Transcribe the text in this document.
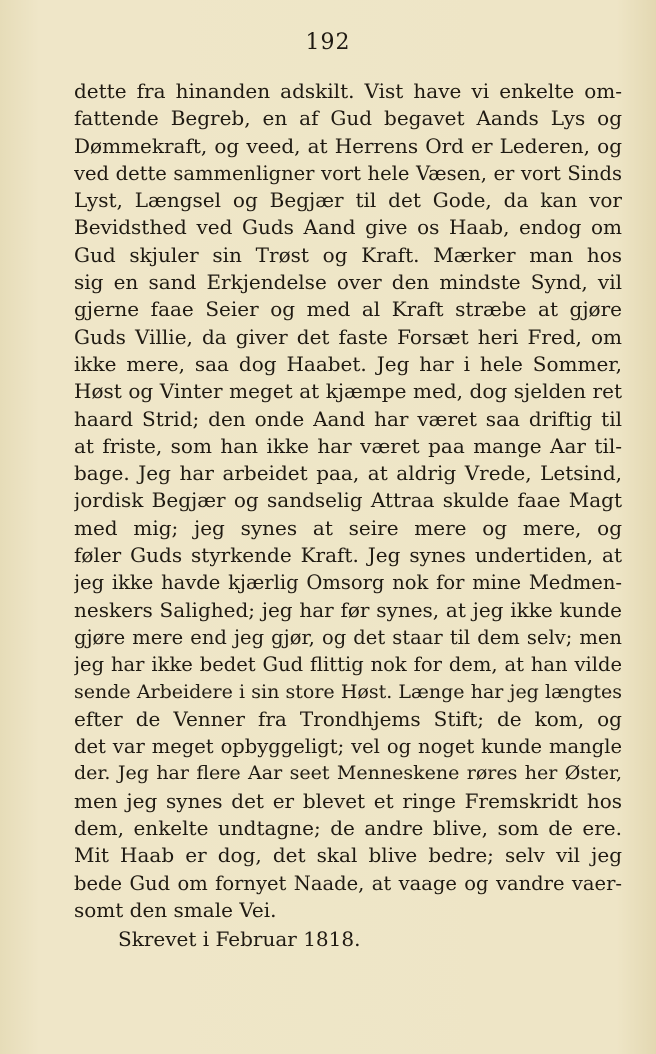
192
dette fra hinanden adskilt. Vist have vi enkelte om-
fattende Begreb, en af Gud begavet Aands Lys og
Dømmekraft, og veed, at Herrens Ord er Lederen, og
ved dette sammenligner vort hele Væsen, er vort Sinds
Lyst, Længsel og Begjær til det Gode, da kan vor
Bevidsthed ved Guds Aand give os Haab, endog om
Gud skjuler sin Trøst og Kraft. Mærker man hos
sig en sand Erkjendelse over den mindste Synd, vil
gjerne faae Seier og med al Kraft stræbe at gjøre
Guds Villie, da giver det faste Forsæt heri Fred, om
ikke mere, saa dog Haabet. Jeg har i hele Sommer,
Høst og Vinter meget at kjæmpe med, dog sjelden ret
haard Strid; den onde Aand har været saa driftig til
at friste, som han ikke har været paa mange Aar til-
bage. Jeg har arbeidet paa, at aldrig Vrede, Letsind,
jordisk Begjær og sandselig Attraa skulde faae Magt
med mig; jeg synes at seire mere og mere, og
føler Guds styrkende Kraft. Jeg synes undertiden, at
jeg ikke havde kjærlig Omsorg nok for mine Medmen-
neskers Salighed; jeg har før synes, at jeg ikke kunde
gjøre mere end jeg gjør, og det staar til dem selv; men
jeg har ikke bedet Gud flittig nok for dem, at han vilde
sende Arbeidere i sin store Høst. Længe har jeg længtes
efter de Venner fra Trondhjems Stift; de kom, og
det var meget opbyggeligt; vel og noget kunde mangle
der. Jeg har flere Aar seet Menneskene røres her Øster,
men jeg synes det er blevet et ringe Fremskridt hos
dem, enkelte undtagne; de andre blive, som de ere.
Mit Haab er dog, det skal blive bedre; selv vil jeg
bede Gud om fornyet Naade, at vaage og vandre vaer-
somt den smale Vei.
Skrevet i Februar 1818.
